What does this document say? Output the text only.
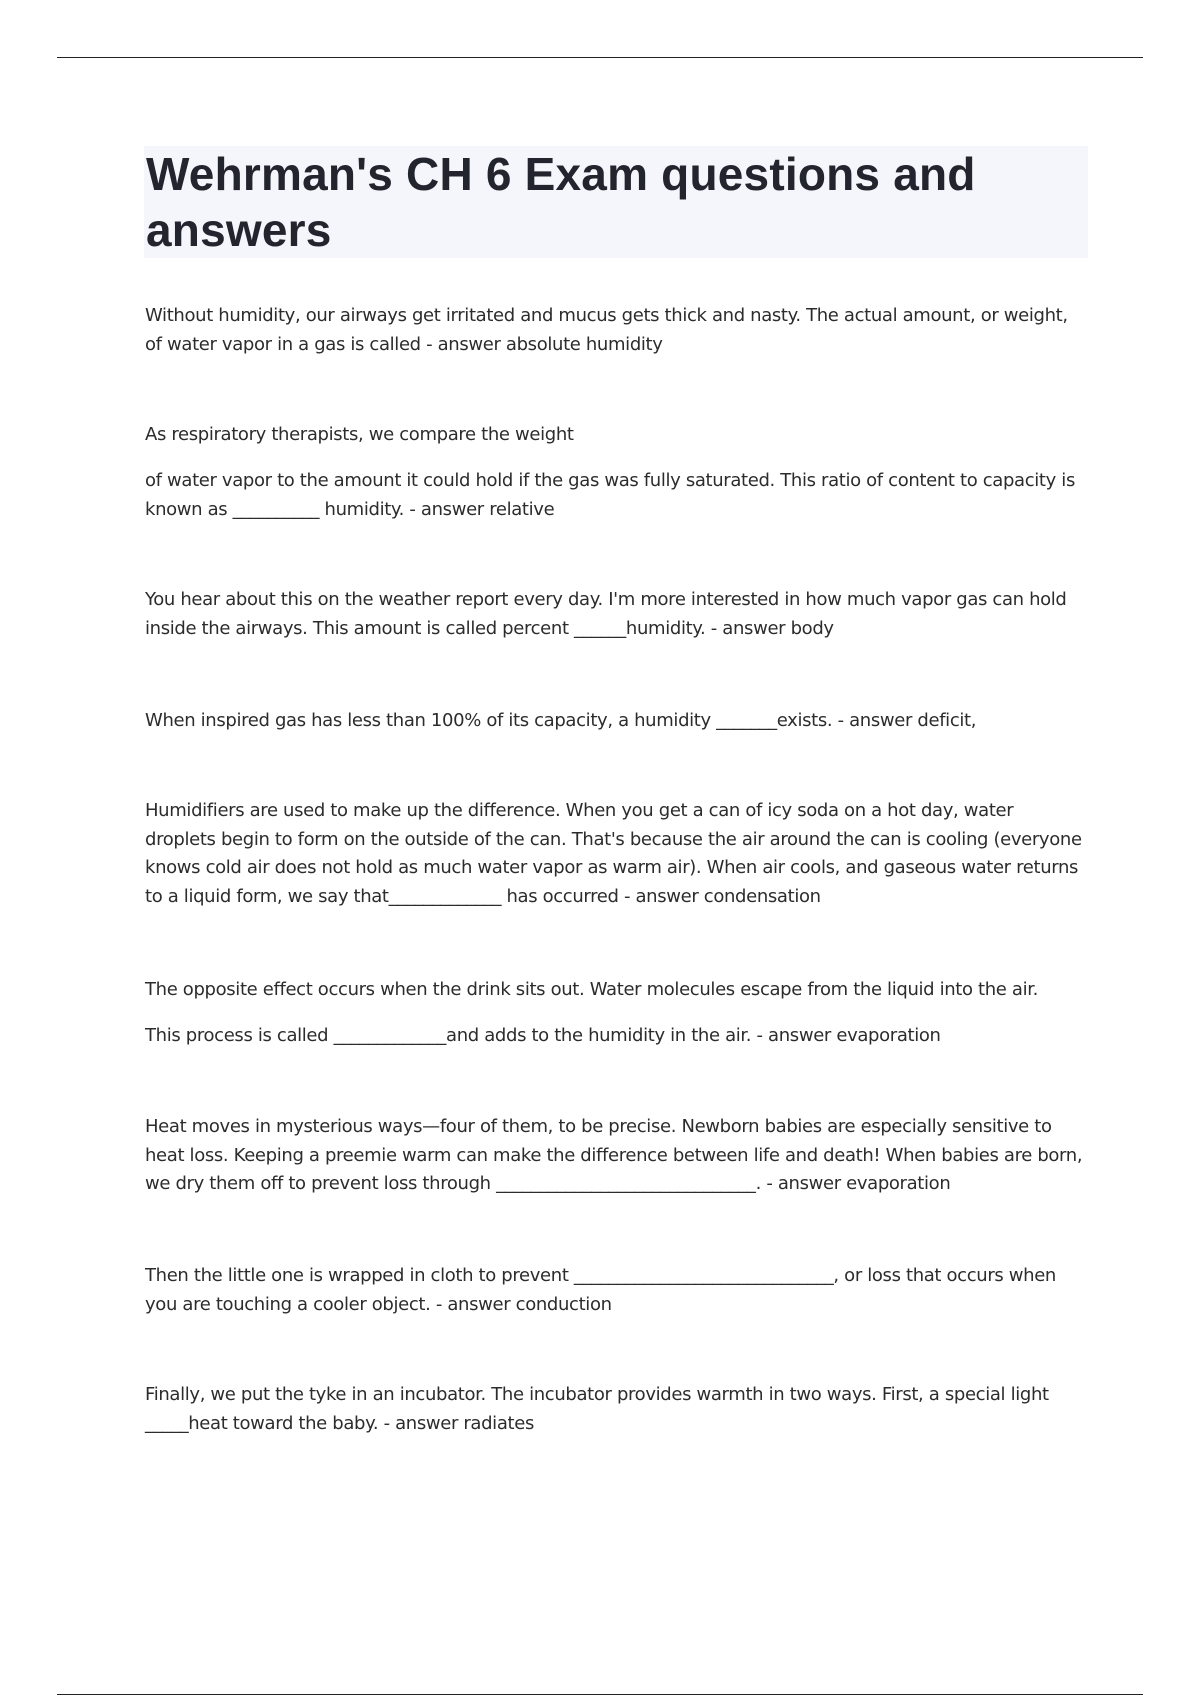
Wehrman's CH 6 Exam questions and answers

Without humidity, our airways get irritated and mucus gets thick and nasty. The actual amount, or weight, of water vapor in a gas is called - answer absolute humidity

As respiratory therapists, we compare the weight

of water vapor to the amount it could hold if the gas was fully saturated. This ratio of content to capacity is known as __________ humidity. - answer relative

You hear about this on the weather report every day. I'm more interested in how much vapor gas can hold inside the airways. This amount is called percent ______humidity. - answer body

When inspired gas has less than 100% of its capacity, a humidity _______exists. - answer deficit,

Humidifiers are used to make up the difference. When you get a can of icy soda on a hot day, water droplets begin to form on the outside of the can. That's because the air around the can is cooling (everyone knows cold air does not hold as much water vapor as warm air). When air cools, and gaseous water returns to a liquid form, we say that_____________ has occurred - answer condensation

The opposite effect occurs when the drink sits out. Water molecules escape from the liquid into the air.

This process is called _____________and adds to the humidity in the air. - answer evaporation

Heat moves in mysterious ways—four of them, to be precise. Newborn babies are especially sensitive to heat loss. Keeping a preemie warm can make the difference between life and death! When babies are born, we dry them off to prevent loss through ______________________________. - answer evaporation

Then the little one is wrapped in cloth to prevent ______________________________, or loss that occurs when you are touching a cooler object. - answer conduction

Finally, we put the tyke in an incubator. The incubator provides warmth in two ways. First, a special light _____heat toward the baby. - answer radiates
